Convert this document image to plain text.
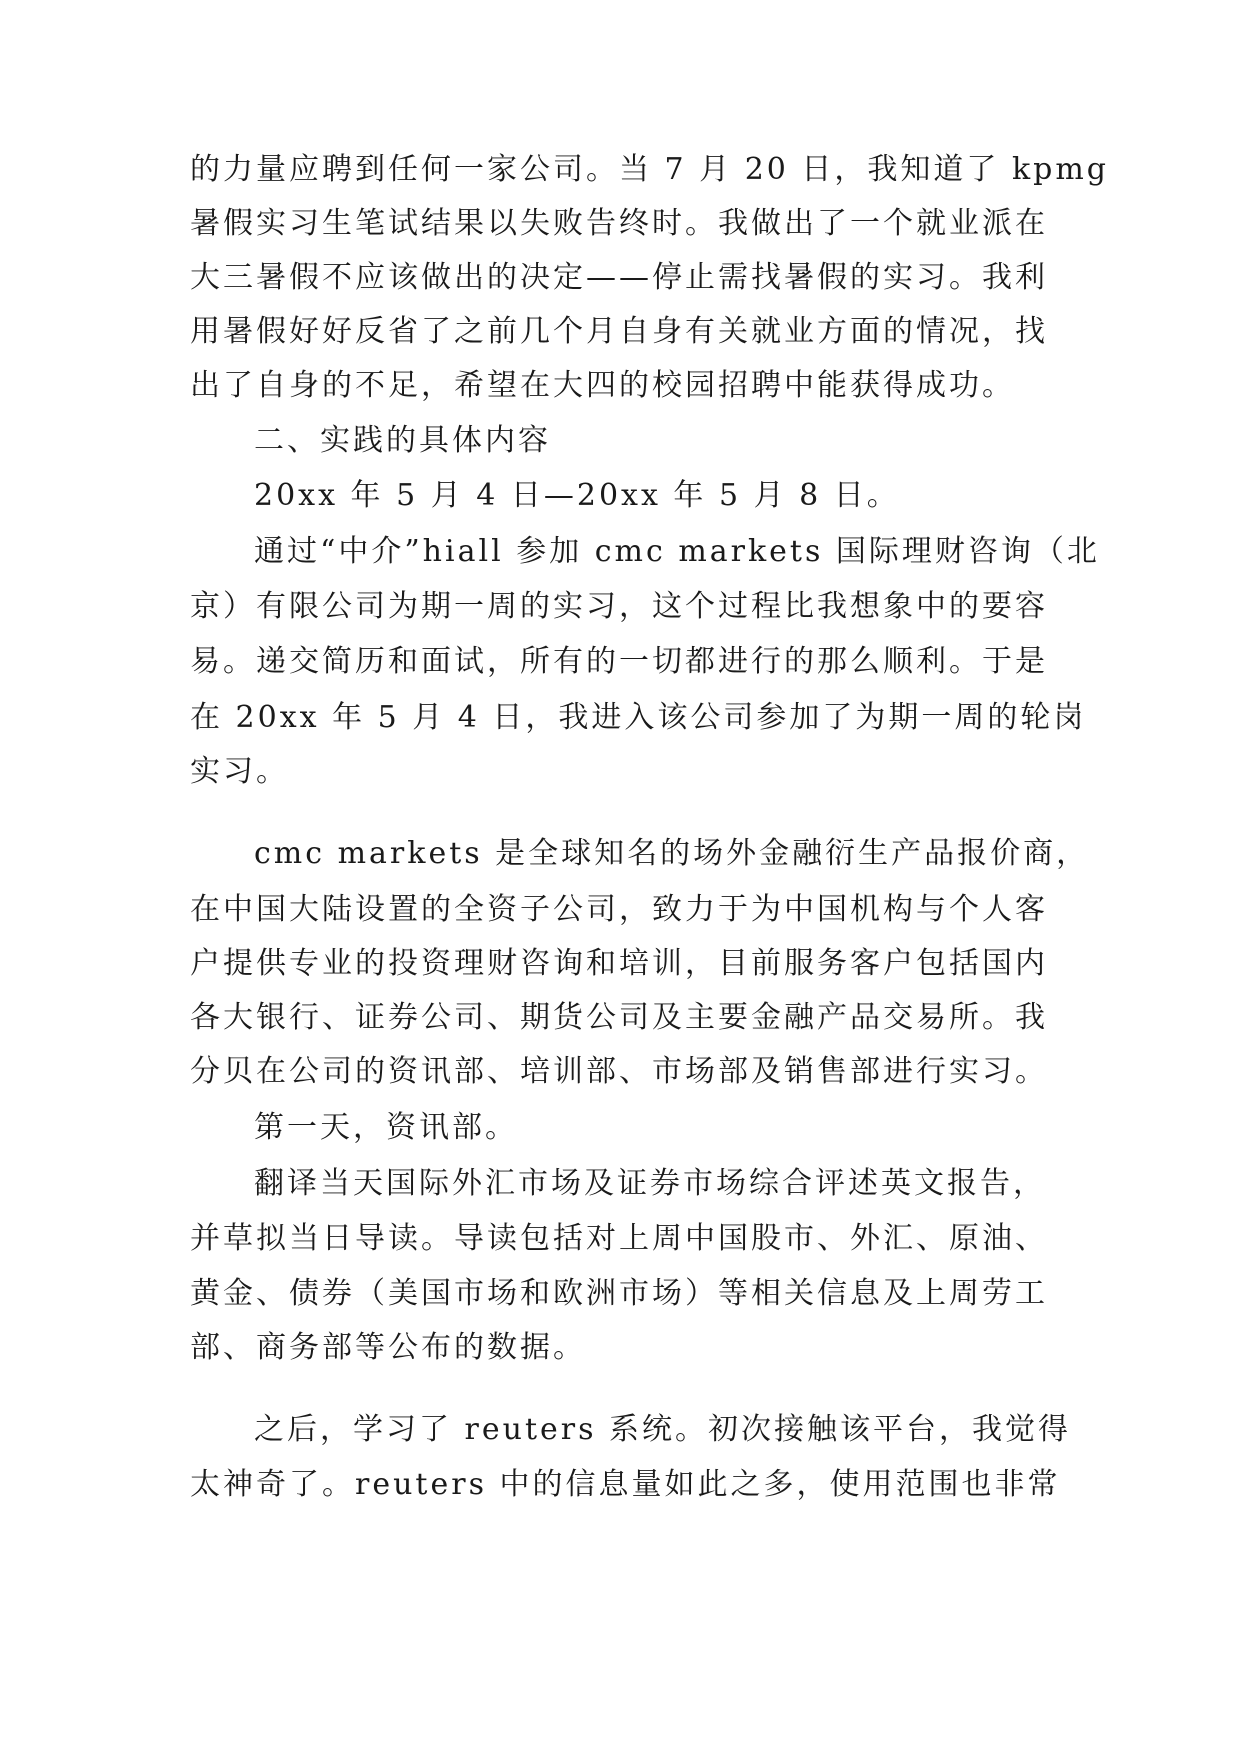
的力量应聘到任何一家公司。当 7 月 20 日，我知道了 kpmg
暑假实习生笔试结果以失败告终时。我做出了一个就业派在
大三暑假不应该做出的决定——停止需找暑假的实习。我利
用暑假好好反省了之前几个月自身有关就业方面的情况，找
出了自身的不足，希望在大四的校园招聘中能获得成功。
二、实践的具体内容
20xx 年 5 月 4 日—20xx 年 5 月 8 日。
通过“中介”hiall 参加 cmc markets 国际理财咨询（北
京）有限公司为期一周的实习，这个过程比我想象中的要容
易。递交简历和面试，所有的一切都进行的那么顺利。于是
在 20xx 年 5 月 4 日，我进入该公司参加了为期一周的轮岗
实习。
cmc markets 是全球知名的场外金融衍生产品报价商，
在中国大陆设置的全资子公司，致力于为中国机构与个人客
户提供专业的投资理财咨询和培训，目前服务客户包括国内
各大银行、证券公司、期货公司及主要金融产品交易所。我
分贝在公司的资讯部、培训部、市场部及销售部进行实习。
第一天，资讯部。
翻译当天国际外汇市场及证券市场综合评述英文报告，
并草拟当日导读。导读包括对上周中国股市、外汇、原油、
黄金、债券（美国市场和欧洲市场）等相关信息及上周劳工
部、商务部等公布的数据。
之后，学习了 reuters 系统。初次接触该平台，我觉得
太神奇了。reuters 中的信息量如此之多，使用范围也非常
